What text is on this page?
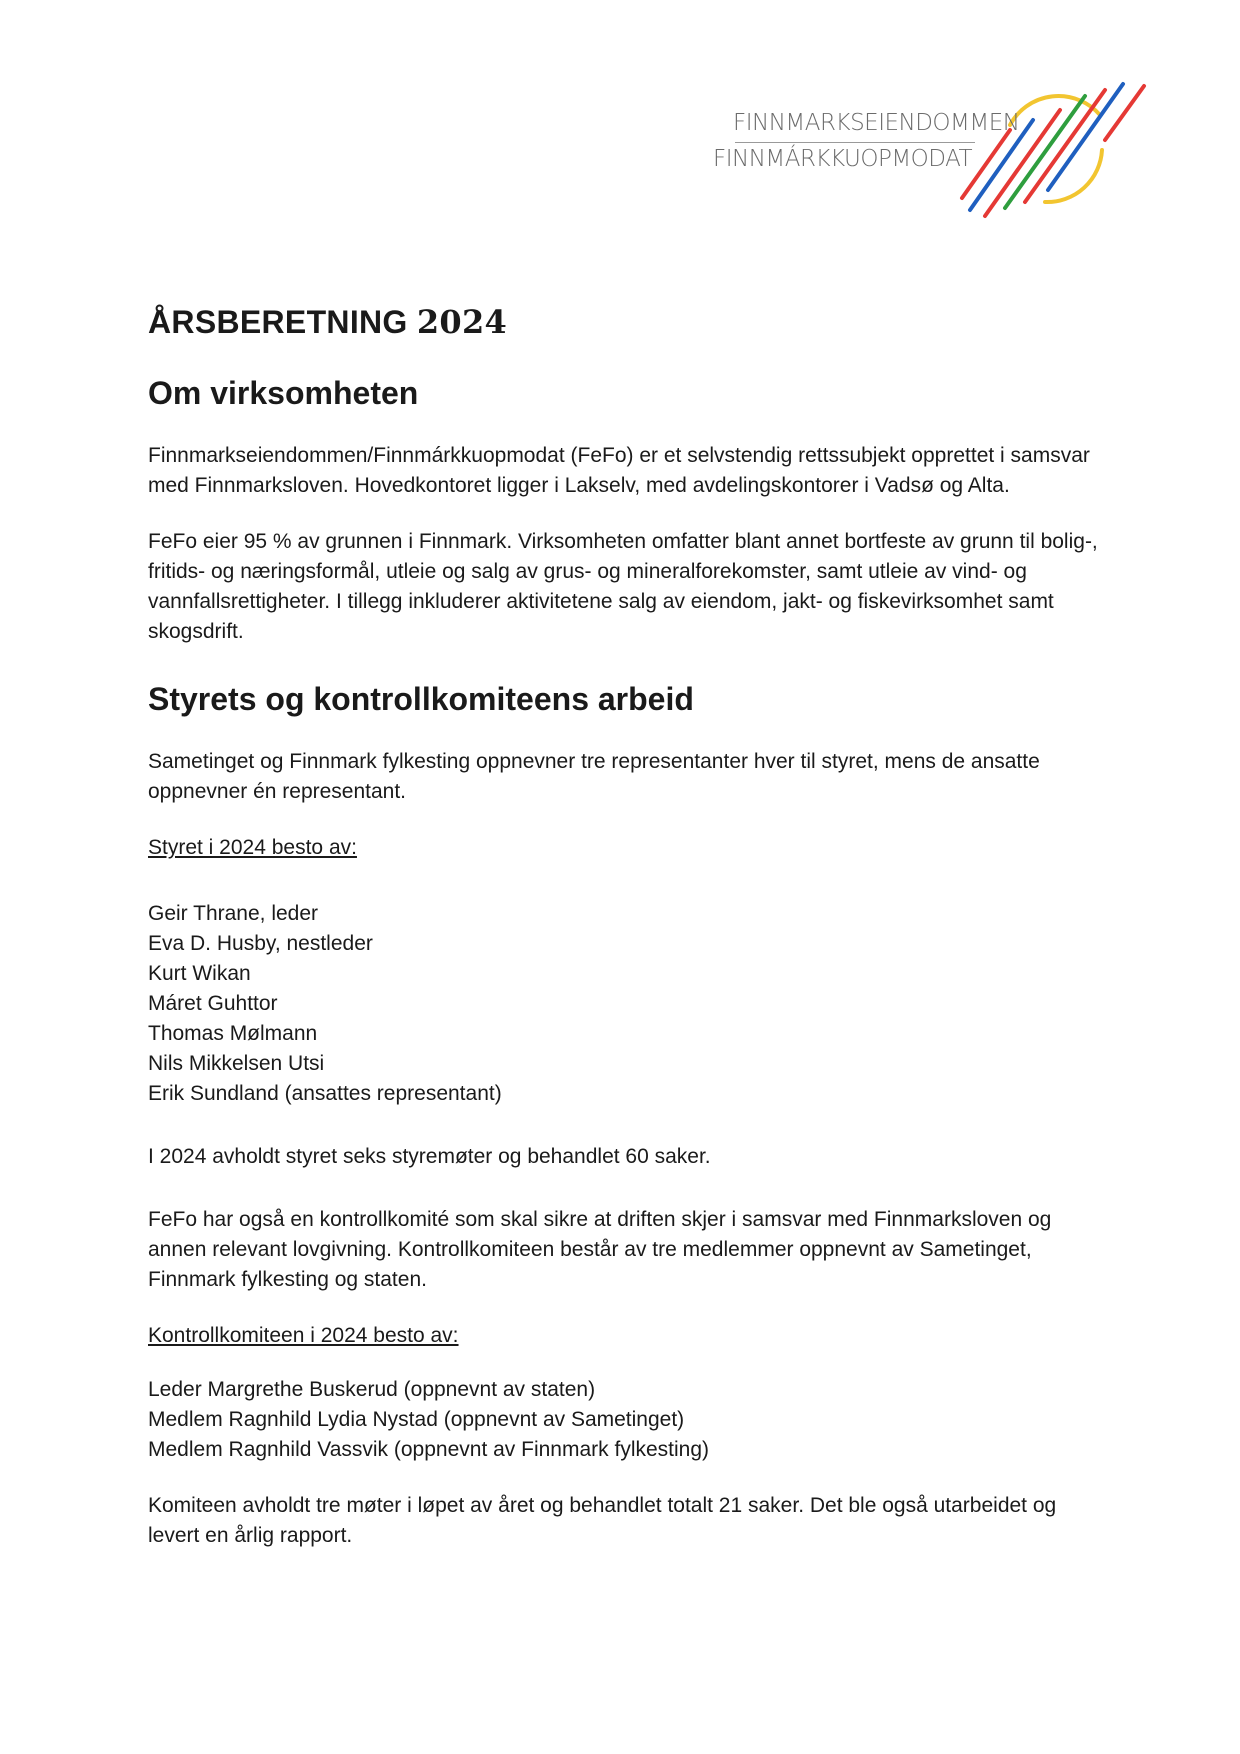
FINNMARKSEIENDOMMEN
FINNMÁRKKUOPMODAT
ÅRSBERETNING 2024
Om virksomheten

Finnmarkseiendommen/Finnmárkkuopmodat (FeFo) er et selvstendig rettssubjekt opprettet i samsvar med Finnmarksloven. Hovedkontoret ligger i Lakselv, med avdelingskontorer i Vadsø og Alta.

FeFo eier 95 % av grunnen i Finnmark. Virksomheten omfatter blant annet bortfeste av grunn til bolig-, fritids- og næringsformål, utleie og salg av grus- og mineralforekomster, samt utleie av vind- og vannfallsrettigheter. I tillegg inkluderer aktivitetene salg av eiendom, jakt- og fiskevirksomhet samt skogsdrift.

Styrets og kontrollkomiteens arbeid

Sametinget og Finnmark fylkesting oppnevner tre representanter hver til styret, mens de ansatte oppnevner én representant.

Styret i 2024 besto av:

Geir Thrane, leder
Eva D. Husby, nestleder
Kurt Wikan
Máret Guhttor
Thomas Mølmann
Nils Mikkelsen Utsi
Erik Sundland (ansattes representant)

I 2024 avholdt styret seks styremøter og behandlet 60 saker.

FeFo har også en kontrollkomité som skal sikre at driften skjer i samsvar med Finnmarksloven og annen relevant lovgivning. Kontrollkomiteen består av tre medlemmer oppnevnt av Sametinget, Finnmark fylkesting og staten.

Kontrollkomiteen i 2024 besto av:

Leder Margrethe Buskerud (oppnevnt av staten)
Medlem Ragnhild Lydia Nystad (oppnevnt av Sametinget)
Medlem Ragnhild Vassvik (oppnevnt av Finnmark fylkesting)

Komiteen avholdt tre møter i løpet av året og behandlet totalt 21 saker. Det ble også utarbeidet og levert en årlig rapport.
